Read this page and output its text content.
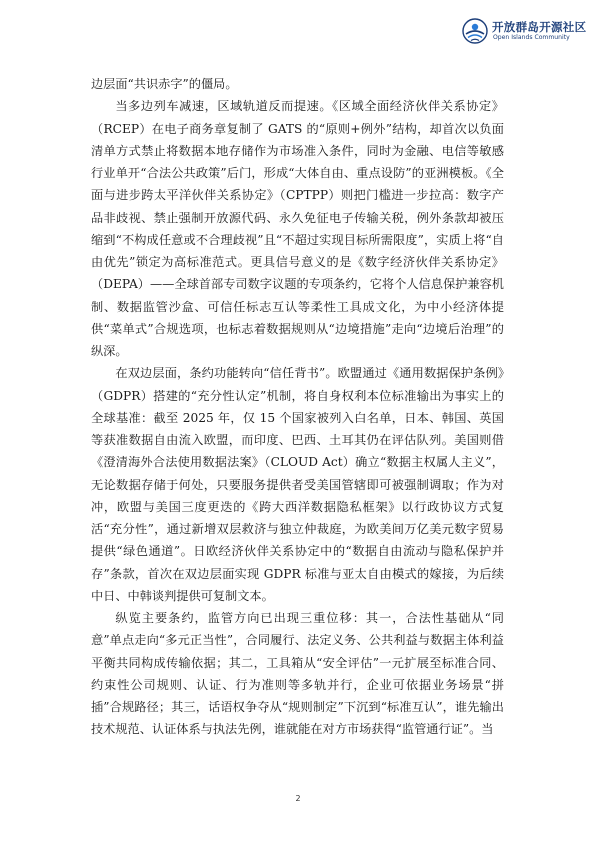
开放群岛开源社区
Open Islands Community

边层面“共识赤字”的僵局。

当多边列车减速，区域轨道反而提速。《区域全面经济伙伴关系协定》（RCEP）在电子商务章复制了 GATS 的“原则+例外”结构，却首次以负面清单方式禁止将数据本地存储作为市场准入条件，同时为金融、电信等敏感行业单开“合法公共政策”后门，形成“大体自由、重点设防”的亚洲模板。《全面与进步跨太平洋伙伴关系协定》（CPTPP）则把门槛进一步拉高：数字产品非歧视、禁止强制开放源代码、永久免征电子传输关税，例外条款却被压缩到“不构成任意或不合理歧视”且“不超过实现目标所需限度”，实质上将“自由优先”锁定为高标准范式。更具信号意义的是《数字经济伙伴关系协定》（DEPA）——全球首部专司数字议题的专项条约，它将个人信息保护兼容机制、数据监管沙盒、可信任标志互认等柔性工具成文化，为中小经济体提供“菜单式”合规选项，也标志着数据规则从“边境措施”走向“边境后治理”的纵深。

在双边层面，条约功能转向“信任背书”。欧盟通过《通用数据保护条例》（GDPR）搭建的“充分性认定”机制，将自身权利本位标准输出为事实上的全球基准：截至 2025 年，仅 15 个国家被列入白名单，日本、韩国、英国等获准数据自由流入欧盟，而印度、巴西、土耳其仍在评估队列。美国则借《澄清海外合法使用数据法案》（CLOUD Act）确立“数据主权属人主义”，无论数据存储于何处，只要服务提供者受美国管辖即可被强制调取；作为对冲，欧盟与美国三度更迭的《跨大西洋数据隐私框架》以行政协议方式复活“充分性”，通过新增双层救济与独立仲裁庭，为欧美间万亿美元数字贸易提供“绿色通道”。日欧经济伙伴关系协定中的“数据自由流动与隐私保护并存”条款，首次在双边层面实现 GDPR 标准与亚太自由模式的嫁接，为后续中日、中韩谈判提供可复制文本。

纵览主要条约，监管方向已出现三重位移：其一，合法性基础从“同意”单点走向“多元正当性”，合同履行、法定义务、公共利益与数据主体利益平衡共同构成传输依据；其二，工具箱从“安全评估”一元扩展至标准合同、约束性公司规则、认证、行为准则等多轨并行，企业可依据业务场景“拼插”合规路径；其三，话语权争夺从“规则制定”下沉到“标准互认”，谁先输出技术规范、认证体系与执法先例，谁就能在对方市场获得“监管通行证”。当

2
